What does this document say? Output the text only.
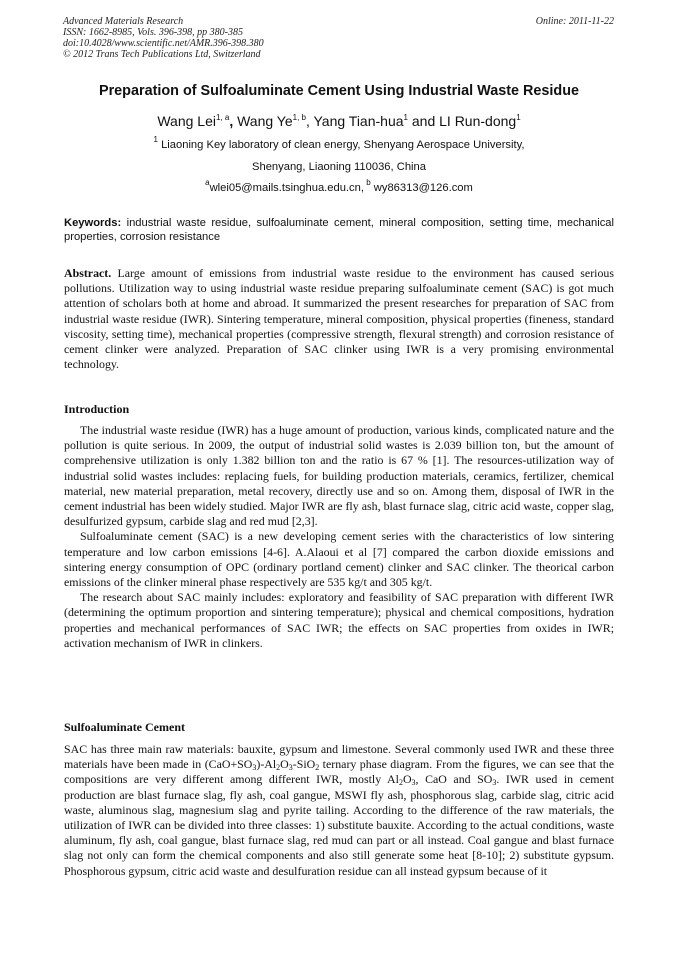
Advanced Materials Research
ISSN: 1662-8985, Vols. 396-398, pp 380-385
doi:10.4028/www.scientific.net/AMR.396-398.380
© 2012 Trans Tech Publications Ltd, Switzerland
Online: 2011-11-22
Preparation of Sulfoaluminate Cement Using Industrial Waste Residue
Wang Lei$^{1, a}$, Wang Ye$^{1, b}$, Yang Tian-hua$^1$ and LI Run-dong$^1$
$^1$ Liaoning Key laboratory of clean energy, Shenyang Aerospace University,
Shenyang, Liaoning 110036, China
$^a$wlei05@mails.tsinghua.edu.cn, $^b$ wy86313@126.com
Keywords: industrial waste residue, sulfoaluminate cement, mineral composition, setting time, mechanical properties, corrosion resistance
Abstract. Large amount of emissions from industrial waste residue to the environment has caused serious pollutions. Utilization way to using industrial waste residue preparing sulfoaluminate cement (SAC) is got much attention of scholars both at home and abroad. It summarized the present researches for preparation of SAC from industrial waste residue (IWR). Sintering temperature, mineral composition, physical properties (fineness, standard viscosity, setting time), mechanical properties (compressive strength, flexural strength) and corrosion resistance of cement clinker were analyzed. Preparation of SAC clinker using IWR is a very promising environmental technology.
Introduction

The industrial waste residue (IWR) has a huge amount of production, various kinds, complicated nature and the pollution is quite serious. In 2009, the output of industrial solid wastes is 2.039 billion ton, but the amount of comprehensive utilization is only 1.382 billion ton and the ratio is 67 % [1]. The resources-utilization way of industrial solid wastes includes: replacing fuels, for building production materials, ceramics, fertilizer, chemical material, new material preparation, metal recovery, directly use and so on. Among them, disposal of IWR in the cement industrial has been widely studied. Major IWR are fly ash, blast furnace slag, citric acid waste, copper slag, desulfurized gypsum, carbide slag and red mud [2,3].

Sulfoaluminate cement (SAC) is a new developing cement series with the characteristics of low sintering temperature and low carbon emissions [4-6]. A.Alaoui et al [7] compared the carbon dioxide emissions and sintering energy consumption of OPC (ordinary portland cement) clinker and SAC clinker. The theorical carbon emissions of the clinker mineral phase respectively are 535 kg/t and 305 kg/t.

The research about SAC mainly includes: exploratory and feasibility of SAC preparation with different IWR (determining the optimum proportion and sintering temperature); physical and chemical compositions, hydration properties and mechanical performances of SAC IWR; the effects on SAC properties from oxides in IWR; activation mechanism of IWR in clinkers.

Sulfoaluminate Cement

SAC has three main raw materials: bauxite, gypsum and limestone. Several commonly used IWR and these three materials have been made in $(CaO+SO_3)-Al_2O_3-SiO_2$ ternary phase diagram. From the figures, we can see that the compositions are very different among different IWR, mostly $Al_2O_3$, CaO and $SO_3$. IWR used in cement production are blast furnace slag, fly ash, coal gangue, MSWI fly ash, phosphorous slag, carbide slag, citric acid waste, aluminous slag, magnesium slag and pyrite tailing. According to the difference of the raw materials, the utilization of IWR can be divided into three classes: 1) substitute bauxite. According to the actual conditions, waste aluminum, fly ash, coal gangue, blast furnace slag, red mud can part or all instead. Coal gangue and blast furnace slag not only can form the chemical components and also still generate some heat [8-10]; 2) substitute gypsum. Phosphorous gypsum, citric acid waste and desulfuration residue can all instead gypsum because of it
